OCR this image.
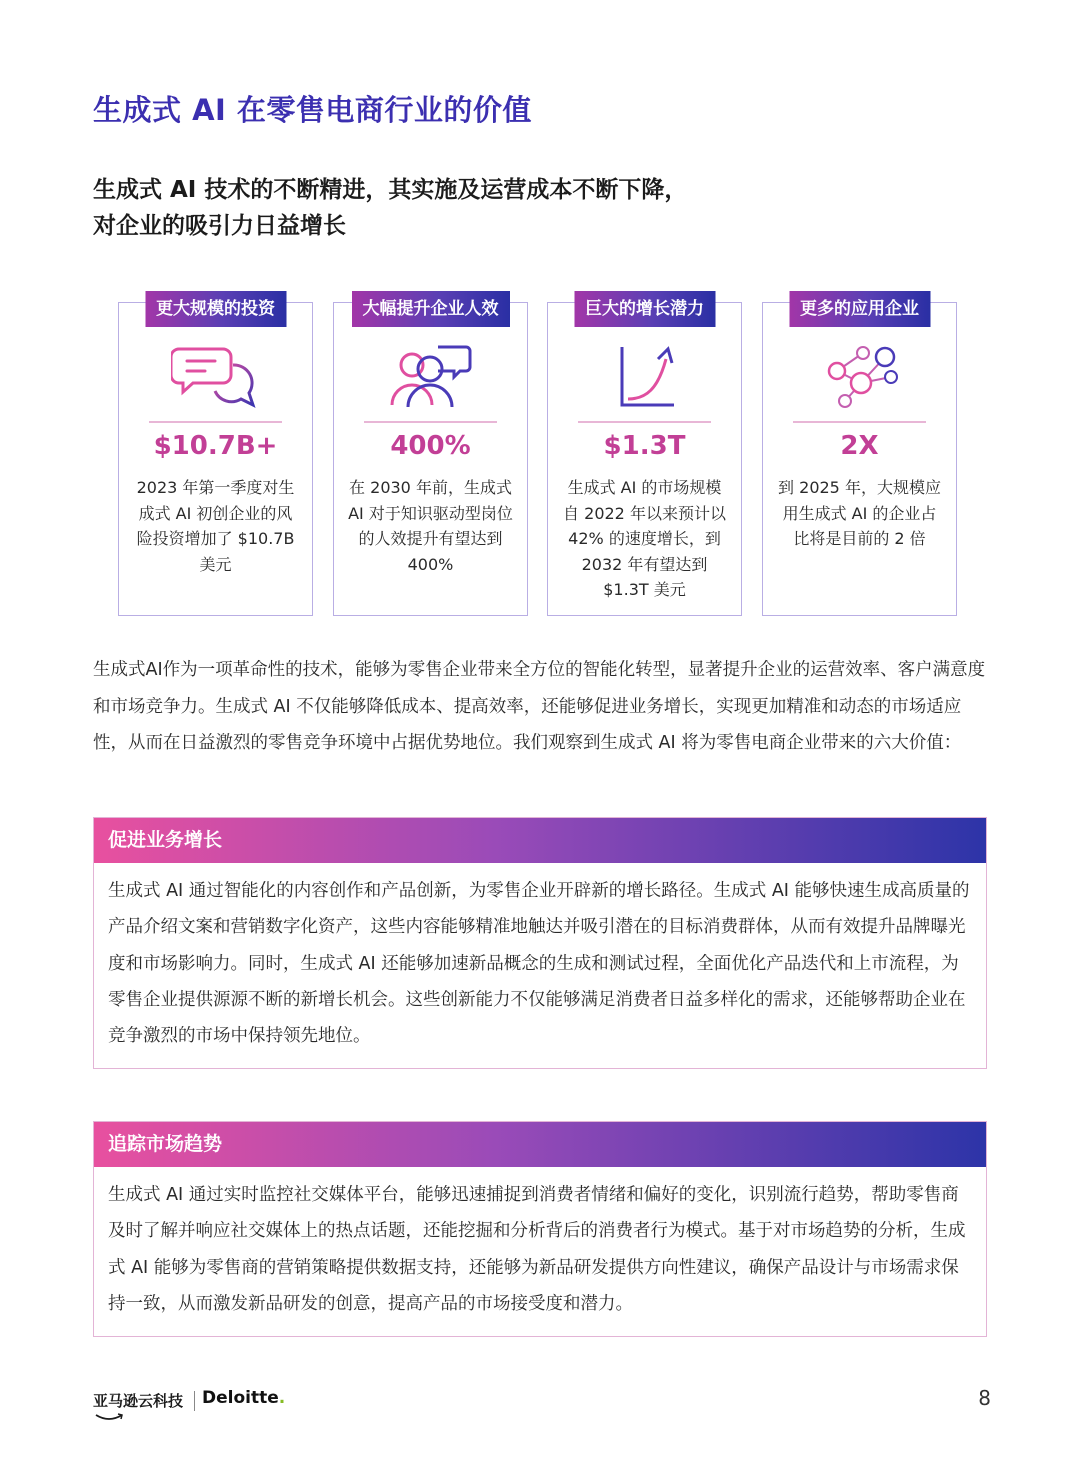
生成式 AI 在零售电商行业的价值
生成式 AI 技术的不断精进，其实施及运营成本不断下降，
对企业的吸引力日益增长
更大规模的投资
$10.7B+
2023 年第一季度对生成式 AI 初创企业的风险投资增加了 $10.7B 美元
大幅提升企业人效
400%
在 2030 年前，生成式 AI 对于知识驱动型岗位的人效提升有望达到 400%
巨大的增长潜力
$1.3T
生成式 AI 的市场规模自 2022 年以来预计以 42% 的速度增长，到 2032 年有望达到 $1.3T 美元
更多的应用企业
2X
到 2025 年，大规模应用生成式 AI 的企业占比将是目前的 2 倍
生成式AI作为一项革命性的技术，能够为零售企业带来全方位的智能化转型，显著提升企业的运营效率、客户满意度和市场竞争力。生成式 AI 不仅能够降低成本、提高效率，还能够促进业务增长，实现更加精准和动态的市场适应性，从而在日益激烈的零售竞争环境中占据优势地位。我们观察到生成式 AI 将为零售电商企业带来的六大价值：
促进业务增长
生成式 AI 通过智能化的内容创作和产品创新，为零售企业开辟新的增长路径。生成式 AI 能够快速生成高质量的产品介绍文案和营销数字化资产，这些内容能够精准地触达并吸引潜在的目标消费群体，从而有效提升品牌曝光度和市场影响力。同时，生成式 AI 还能够加速新品概念的生成和测试过程，全面优化产品迭代和上市流程，为零售企业提供源源不断的新增长机会。这些创新能力不仅能够满足消费者日益多样化的需求，还能够帮助企业在竞争激烈的市场中保持领先地位。
追踪市场趋势
生成式 AI 通过实时监控社交媒体平台，能够迅速捕捉到消费者情绪和偏好的变化，识别流行趋势，帮助零售商及时了解并响应社交媒体上的热点话题，还能挖掘和分析背后的消费者行为模式。基于对市场趋势的分析，生成式 AI 能够为零售商的营销策略提供数据支持，还能够为新品研发提供方向性建议，确保产品设计与市场需求保持一致，从而激发新品研发的创意，提高产品的市场接受度和潜力。
亚马逊云科技 Deloitte.	8
